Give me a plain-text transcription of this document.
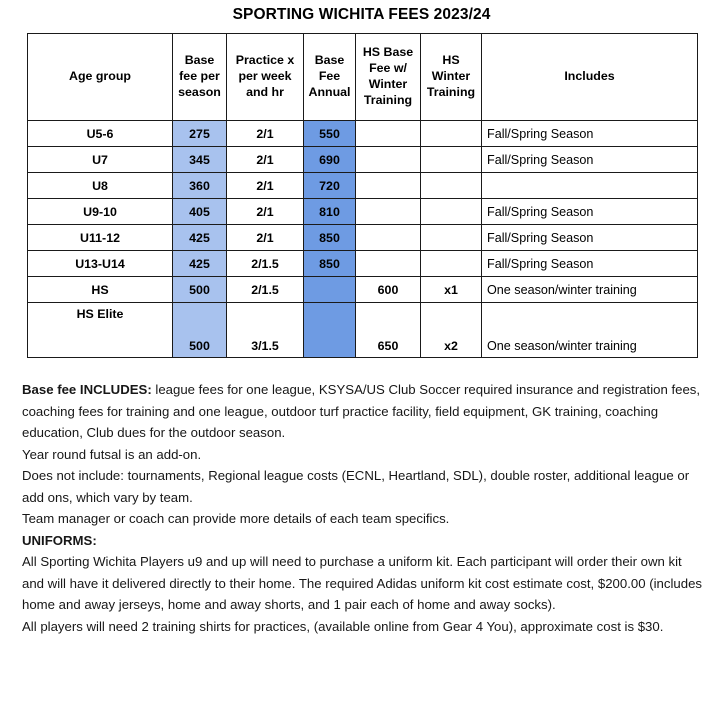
SPORTING WICHITA FEES 2023/24
Age group	Base fee per season	Practice x per week and hr	Base Fee Annual	HS Base Fee w/ Winter Training	HS Winter Training	Includes
U5-6	275	2/1	550			Fall/Spring Season
U7	345	2/1	690			Fall/Spring Season
U8	360	2/1	720			
U9-10	405	2/1	810			Fall/Spring Season
U11-12	425	2/1	850			Fall/Spring Season
U13-U14	425	2/1.5	850			Fall/Spring Season
HS	500	2/1.5		600	x1	One season/winter training
HS Elite	500	3/1.5		650	x2	One season/winter training

Base fee INCLUDES: league fees for one league, KSYSA/US Club Soccer required insurance and registration fees, coaching fees for training and one league, outdoor turf practice facility, field equipment, GK training, coaching education, Club dues for the outdoor season.

Year round futsal is an add-on.

Does not include: tournaments, Regional league costs (ECNL, Heartland, SDL), double roster, additional league or add ons, which vary by team.

Team manager or coach can provide more details of each team specifics.

UNIFORMS:

All Sporting Wichita Players u9 and up will need to purchase a uniform kit. Each participant will order their own kit and will have it delivered directly to their home. The required Adidas uniform kit cost estimate cost, $200.00 (includes home and away jerseys, home and away shorts, and 1 pair each of home and away socks).

All players will need 2 training shirts for practices, (available online from Gear 4 You), approximate cost is $30.
